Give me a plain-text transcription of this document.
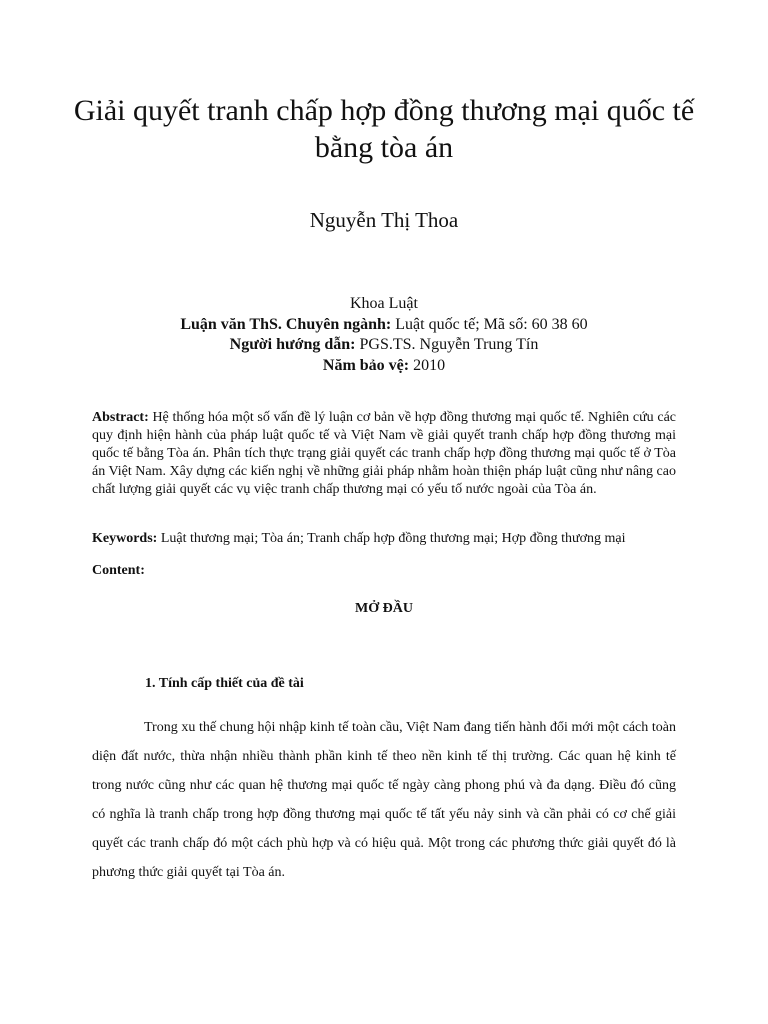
Giải quyết tranh chấp hợp đồng thương mại quốc tế bằng tòa án
Nguyễn Thị Thoa
Khoa Luật
Luận văn ThS. Chuyên ngành: Luật quốc tế; Mã số: 60 38 60
Người hướng dẫn: PGS.TS. Nguyễn Trung Tín
Năm bảo vệ: 2010

Abstract: Hệ thống hóa một số vấn đề lý luận cơ bản về hợp đồng thương mại quốc tế. Nghiên cứu các quy định hiện hành của pháp luật quốc tế và Việt Nam về giải quyết tranh chấp hợp đồng thương mại quốc tế bằng Tòa án. Phân tích thực trạng giải quyết các tranh chấp hợp đồng thương mại quốc tế ở Tòa án Việt Nam. Xây dựng các kiến nghị về những giải pháp nhằm hoàn thiện pháp luật cũng như nâng cao chất lượng giải quyết các vụ việc tranh chấp thương mại có yếu tố nước ngoài của Tòa án.

Keywords: Luật thương mại; Tòa án; Tranh chấp hợp đồng thương mại; Hợp đồng thương mại
Content:
MỞ ĐẦU
1. Tính cấp thiết của đề tài

Trong xu thế chung hội nhập kinh tế toàn cầu, Việt Nam đang tiến hành đổi mới một cách toàn diện đất nước, thừa nhận nhiều thành phần kinh tế theo nền kinh tế thị trường. Các quan hệ kinh tế trong nước cũng như các quan hệ thương mại quốc tế ngày càng phong phú và đa dạng. Điều đó cũng có nghĩa là tranh chấp trong hợp đồng thương mại quốc tế tất yếu nảy sinh và cần phải có cơ chế giải quyết các tranh chấp đó một cách phù hợp và có hiệu quả. Một trong các phương thức giải quyết đó là phương thức giải quyết tại Tòa án.
